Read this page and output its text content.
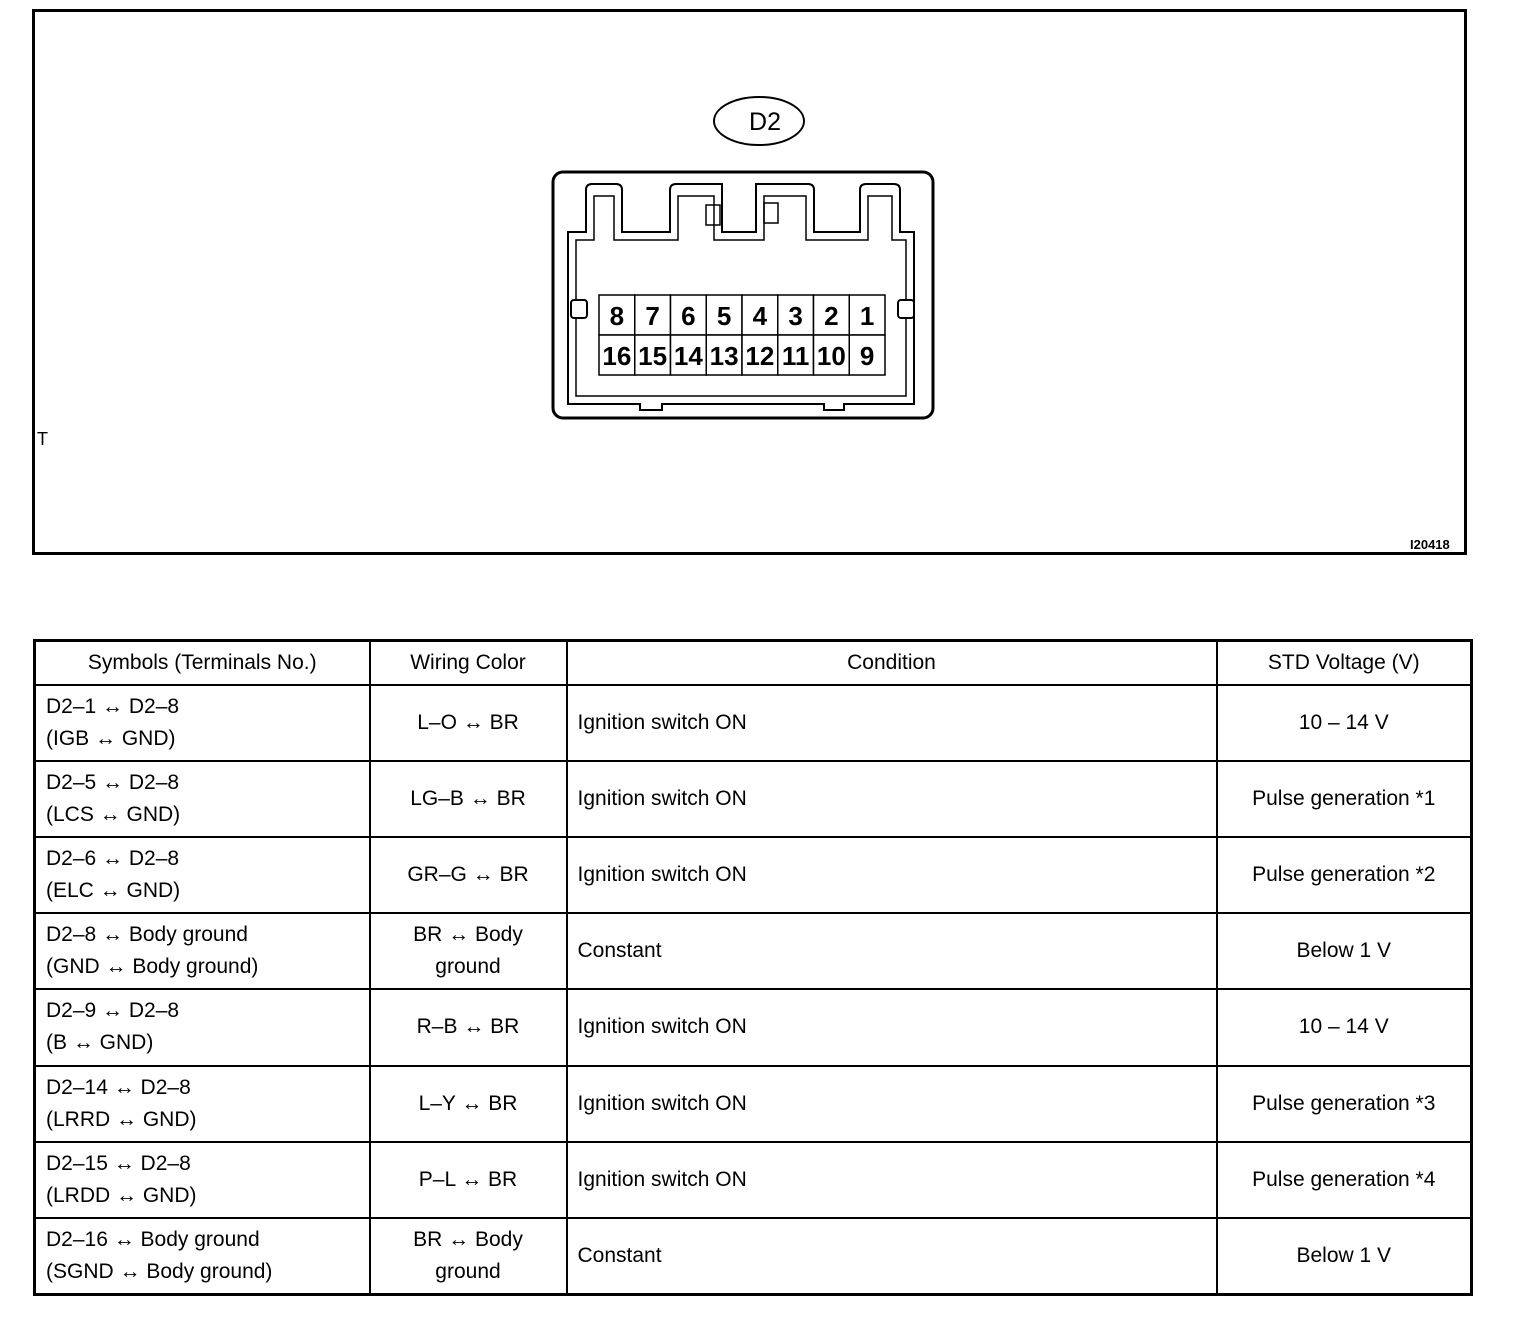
D2
8 7 6 5 4 3 2 1
16 15 14 13 12 11 10 9
T
I20418
Symbols (Terminals No.)	Wiring Color	Condition	STD Voltage (V)

D2–1 ↔ D2–8
(IGB ↔ GND)	L–O ↔ BR	Ignition switch ON	10 – 14 V

D2–5 ↔ D2–8
(LCS ↔ GND)	LG–B ↔ BR	Ignition switch ON	Pulse generation *1

D2–6 ↔ D2–8
(ELC ↔ GND)	GR–G ↔ BR	Ignition switch ON	Pulse generation *2

D2–8 ↔ Body ground
(GND ↔ Body ground)	BR ↔ Body
ground	Constant	Below 1 V

D2–9 ↔ D2–8
(B ↔ GND)	R–B ↔ BR	Ignition switch ON	10 – 14 V

D2–14 ↔ D2–8
(LRRD ↔ GND)	L–Y ↔ BR	Ignition switch ON	Pulse generation *3

D2–15 ↔ D2–8
(LRDD ↔ GND)	P–L ↔ BR	Ignition switch ON	Pulse generation *4

D2–16 ↔ Body ground
(SGND ↔ Body ground)	BR ↔ Body
ground	Constant	Below 1 V
